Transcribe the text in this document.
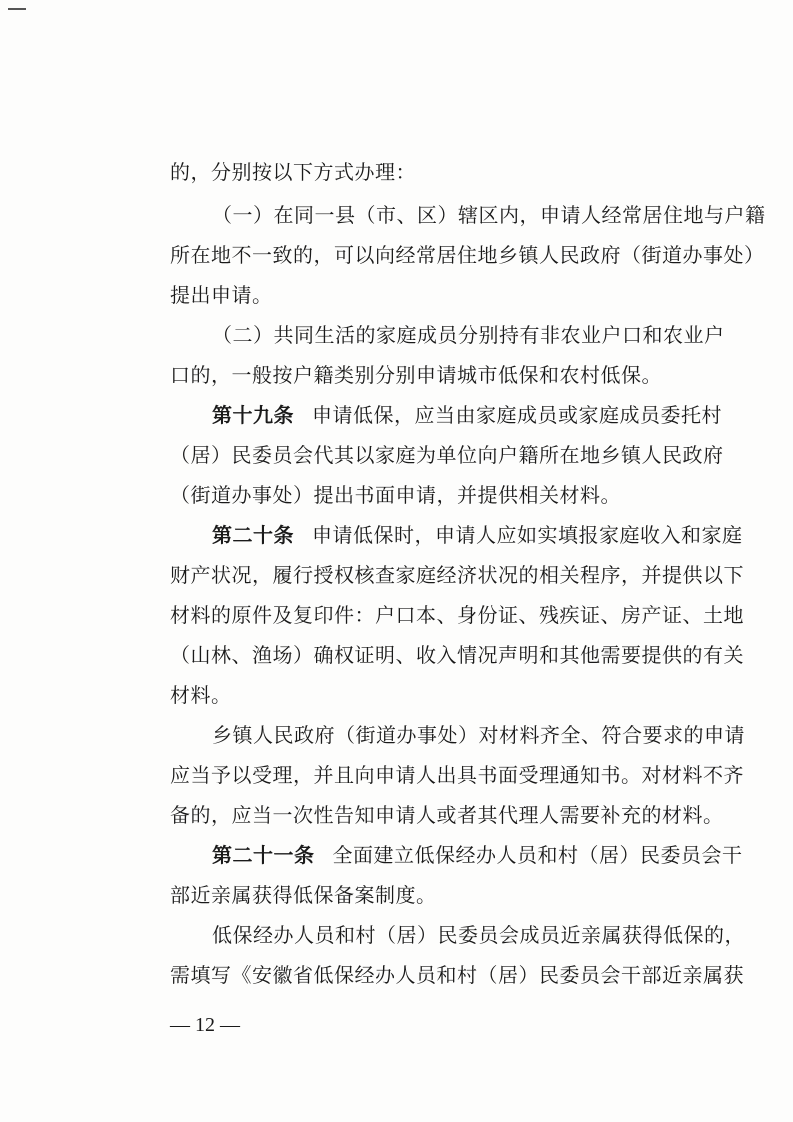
的，分别按以下方式办理：
（一）在同一县（市、区）辖区内，申请人经常居住地与户籍
所在地不一致的，可以向经常居住地乡镇人民政府（街道办事处）
提出申请。
（二）共同生活的家庭成员分别持有非农业户口和农业户
口的，一般按户籍类别分别申请城市低保和农村低保。
第十九条 申请低保，应当由家庭成员或家庭成员委托村
（居）民委员会代其以家庭为单位向户籍所在地乡镇人民政府
（街道办事处）提出书面申请，并提供相关材料。
第二十条 申请低保时，申请人应如实填报家庭收入和家庭
财产状况，履行授权核查家庭经济状况的相关程序，并提供以下
材料的原件及复印件：户口本、身份证、残疾证、房产证、土地
（山林、渔场）确权证明、收入情况声明和其他需要提供的有关
材料。
乡镇人民政府（街道办事处）对材料齐全、符合要求的申请
应当予以受理，并且向申请人出具书面受理通知书。对材料不齐
备的，应当一次性告知申请人或者其代理人需要补充的材料。
第二十一条 全面建立低保经办人员和村（居）民委员会干
部近亲属获得低保备案制度。
低保经办人员和村（居）民委员会成员近亲属获得低保的，
需填写《安徽省低保经办人员和村（居）民委员会干部近亲属获
— 12 —
